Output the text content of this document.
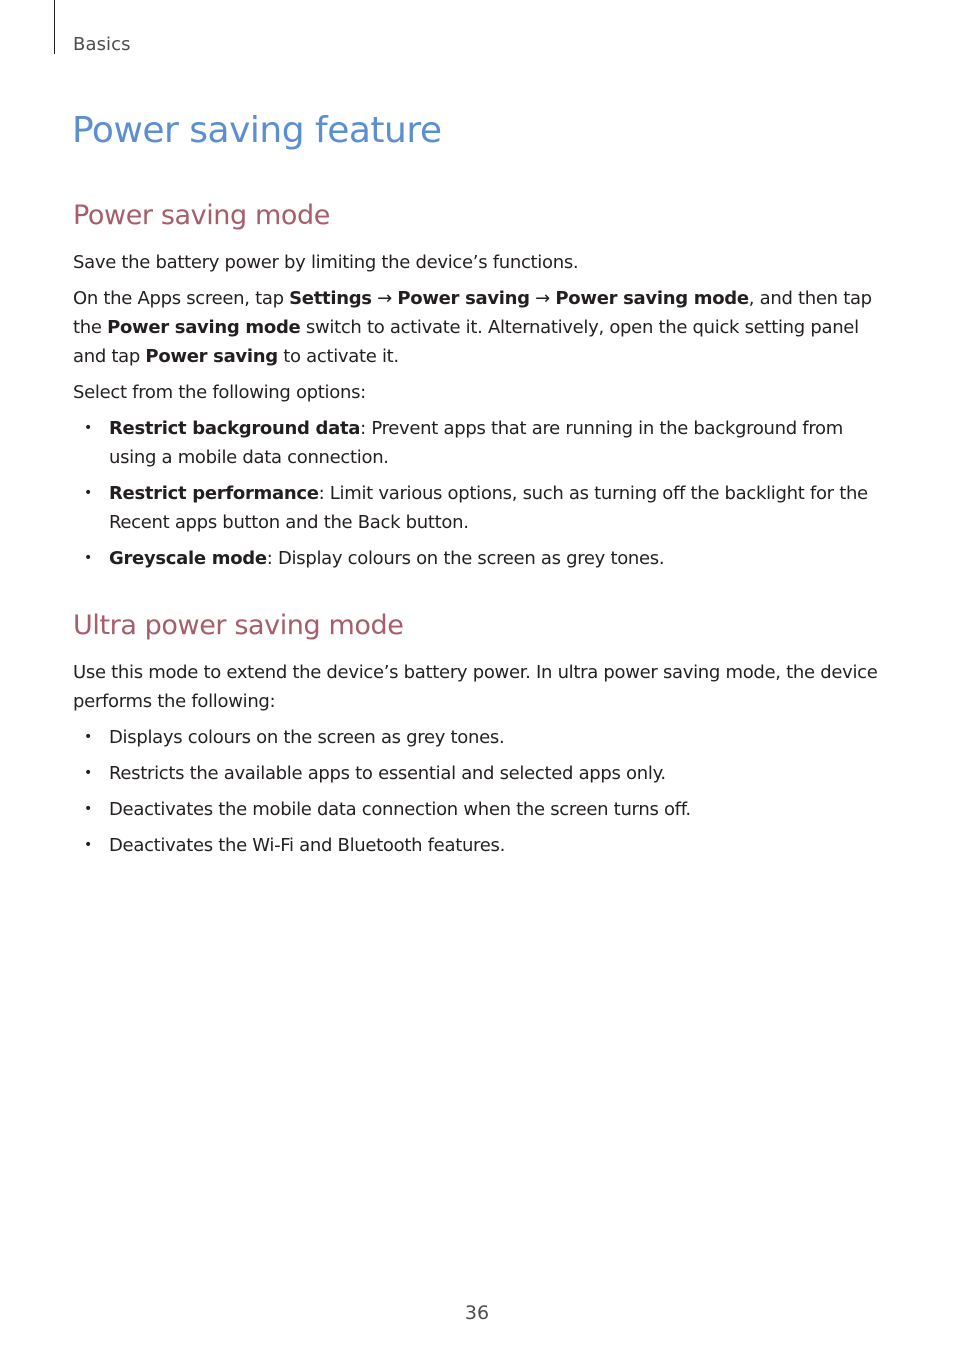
Basics
Power saving feature
Power saving mode

Save the battery power by limiting the device’s functions.

On the Apps screen, tap Settings → Power saving → Power saving mode, and then tap the Power saving mode switch to activate it. Alternatively, open the quick setting panel and tap Power saving to activate it.

Select from the following options:

• Restrict background data: Prevent apps that are running in the background from using a mobile data connection.
• Restrict performance: Limit various options, such as turning off the backlight for the Recent apps button and the Back button.
• Greyscale mode: Display colours on the screen as grey tones.
Ultra power saving mode

Use this mode to extend the device’s battery power. In ultra power saving mode, the device performs the following:

• Displays colours on the screen as grey tones.
• Restricts the available apps to essential and selected apps only.
• Deactivates the mobile data connection when the screen turns off.
• Deactivates the Wi-Fi and Bluetooth features.
36
